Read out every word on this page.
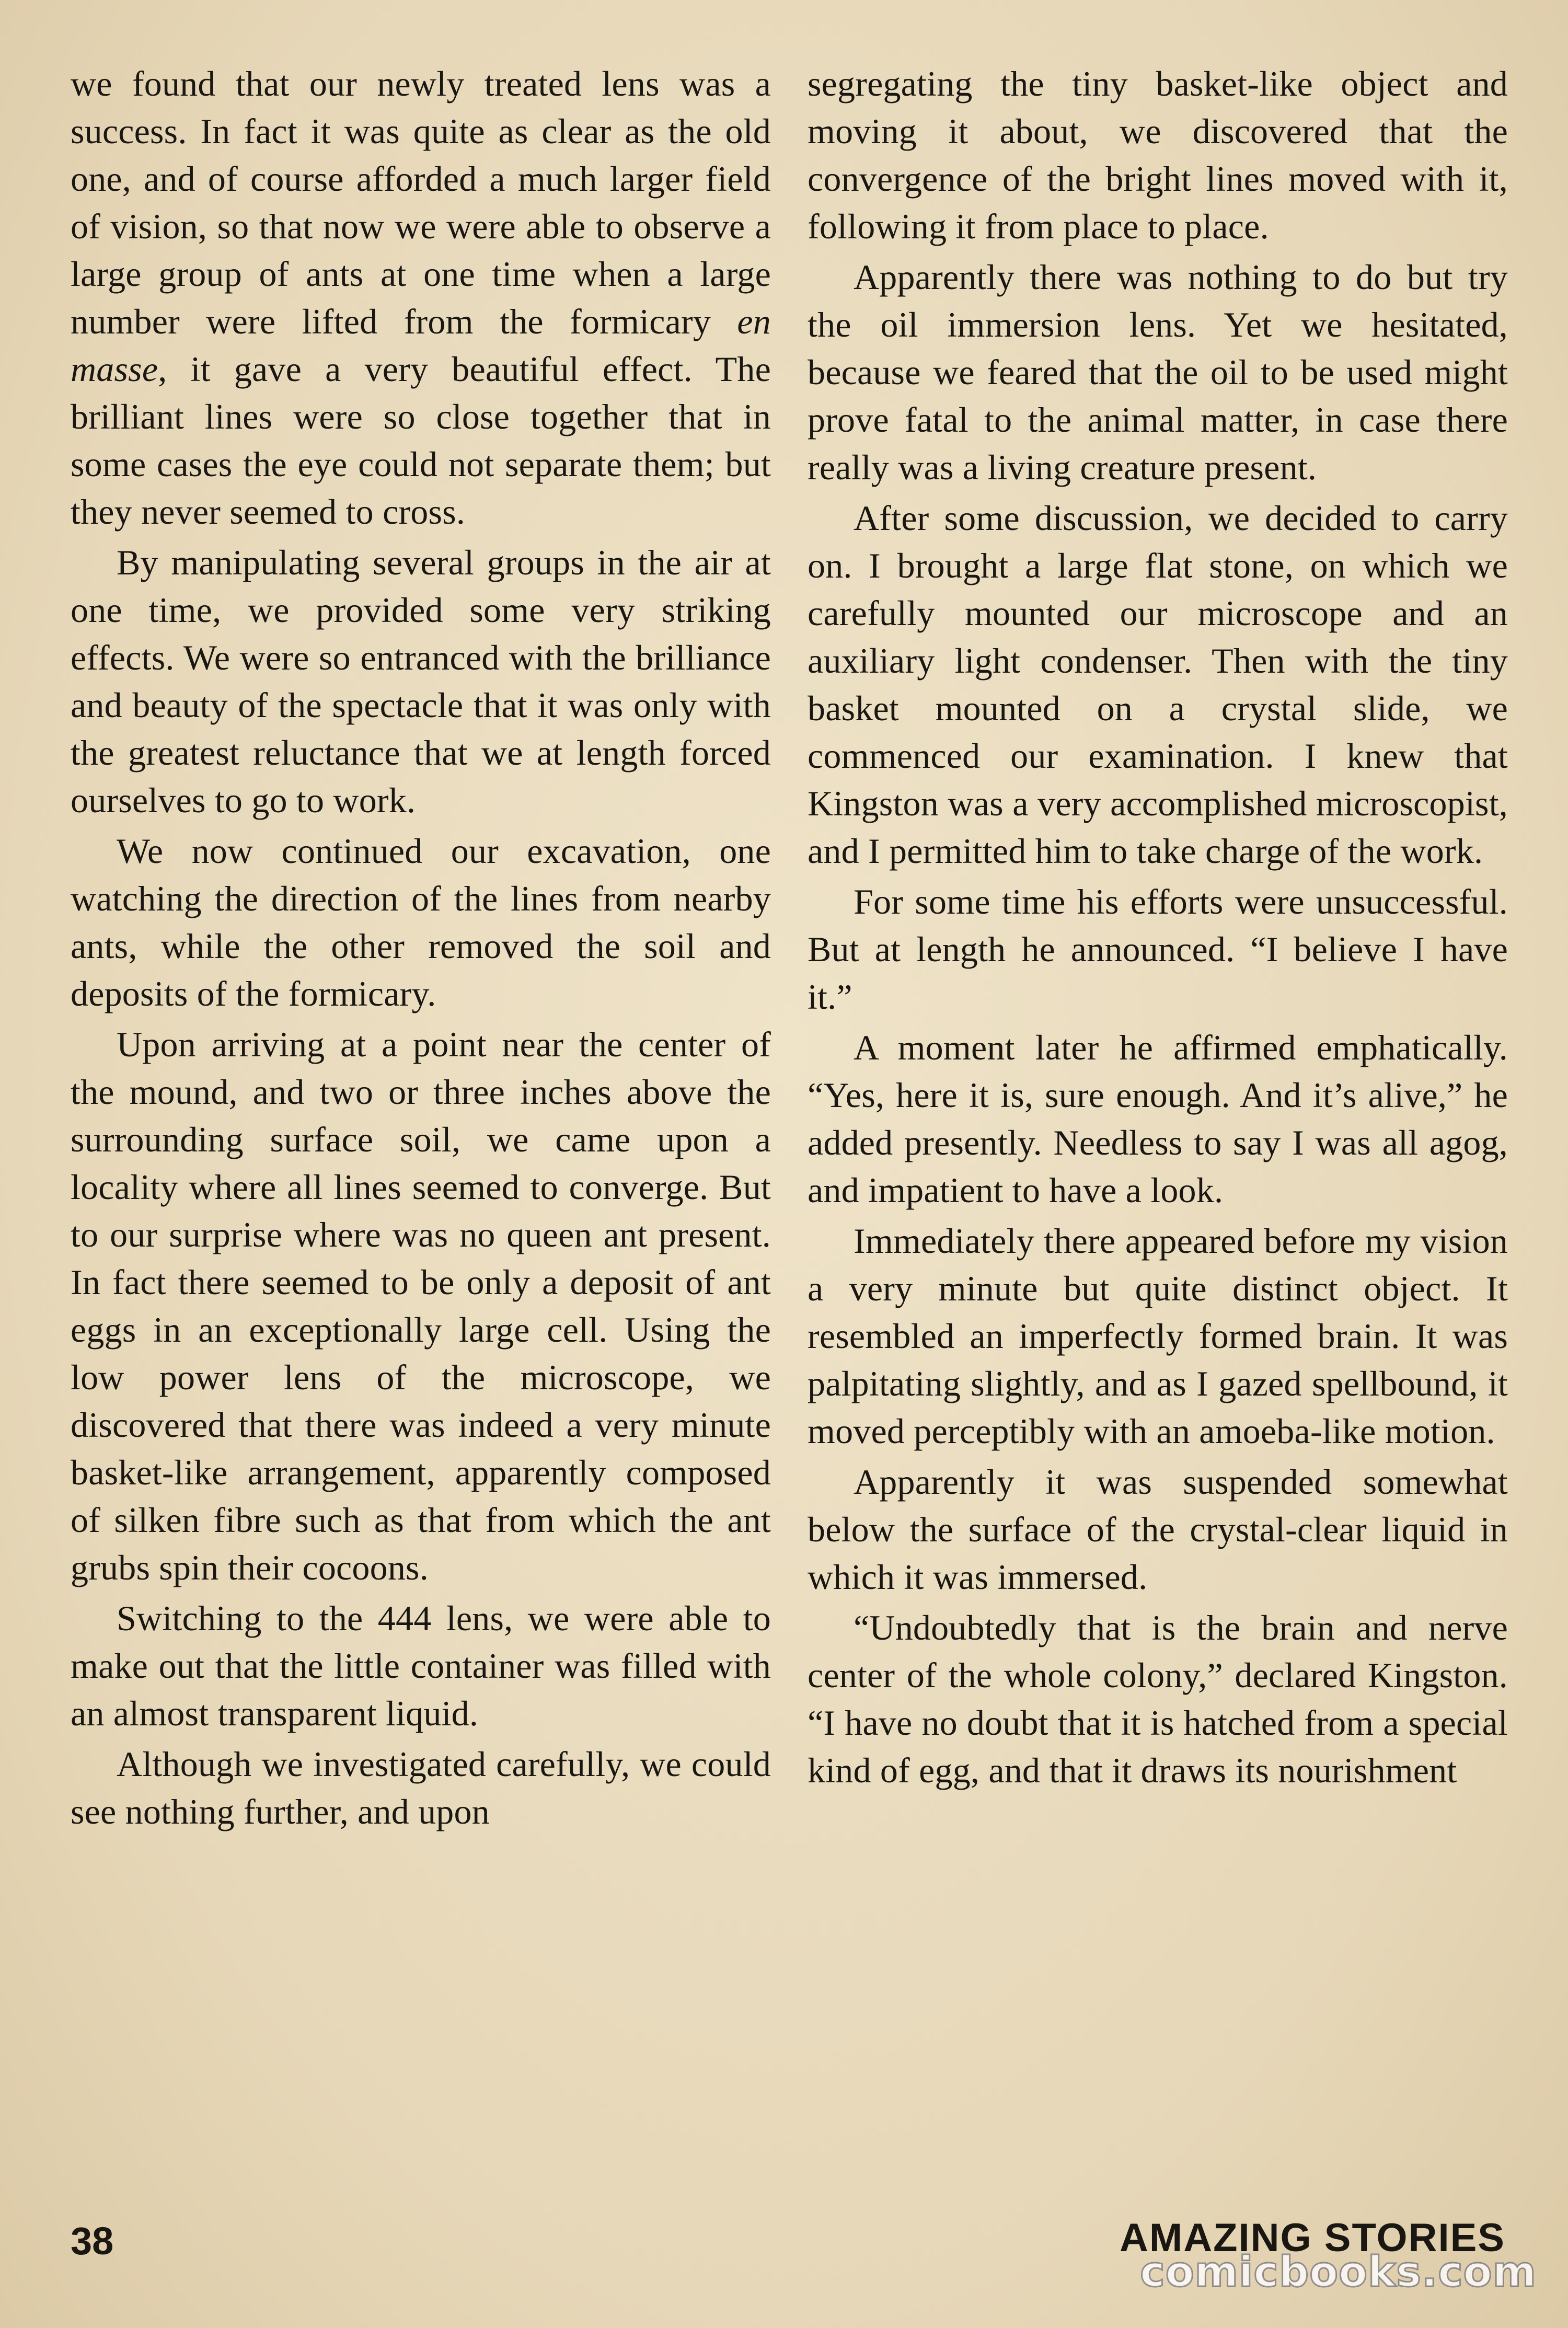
we found that our newly treated lens was a success. In fact it was quite as clear as the old one, and of course afforded a much larger field of vision, so that now we were able to observe a large group of ants at one time when a large number were lifted from the formicary en masse, it gave a very beautiful effect. The brilliant lines were so close together that in some cases the eye could not separate them; but they never seemed to cross.

By manipulating several groups in the air at one time, we provided some very striking effects. We were so entranced with the brilliance and beauty of the spectacle that it was only with the greatest reluctance that we at length forced ourselves to go to work.

We now continued our excavation, one watching the direction of the lines from nearby ants, while the other removed the soil and deposits of the formicary.

Upon arriving at a point near the center of the mound, and two or three inches above the surrounding surface soil, we came upon a locality where all lines seemed to converge. But to our surprise where was no queen ant present. In fact there seemed to be only a deposit of ant eggs in an exceptionally large cell. Using the low power lens of the microscope, we discovered that there was indeed a very minute basket-like arrangement, apparently composed of silken fibre such as that from which the ant grubs spin their cocoons.

Switching to the 444 lens, we were able to make out that the little container was filled with an almost transparent liquid.

Although we investigated carefully, we could see nothing further, and upon

segregating the tiny basket-like object and moving it about, we discovered that the convergence of the bright lines moved with it, following it from place to place.

Apparently there was nothing to do but try the oil immersion lens. Yet we hesitated, because we feared that the oil to be used might prove fatal to the animal matter, in case there really was a living creature present.

After some discussion, we decided to carry on. I brought a large flat stone, on which we carefully mounted our microscope and an auxiliary light condenser. Then with the tiny basket mounted on a crystal slide, we commenced our examination. I knew that Kingston was a very accomplished microscopist, and I permitted him to take charge of the work.

For some time his efforts were unsuccessful. But at length he announced. “I believe I have it.”

A moment later he affirmed emphatically. “Yes, here it is, sure enough. And it’s alive,” he added presently. Needless to say I was all agog, and impatient to have a look.

Immediately there appeared before my vision a very minute but quite distinct object. It resembled an imperfectly formed brain. It was palpitating slightly, and as I gazed spellbound, it moved perceptibly with an amoeba-like motion.

Apparently it was suspended somewhat below the surface of the crystal-clear liquid in which it was immersed.

“Undoubtedly that is the brain and nerve center of the whole colony,” declared Kingston. “I have no doubt that it is hatched from a special kind of egg, and that it draws its nourishment

38	AMAZING STORIES
comicbooks.com
